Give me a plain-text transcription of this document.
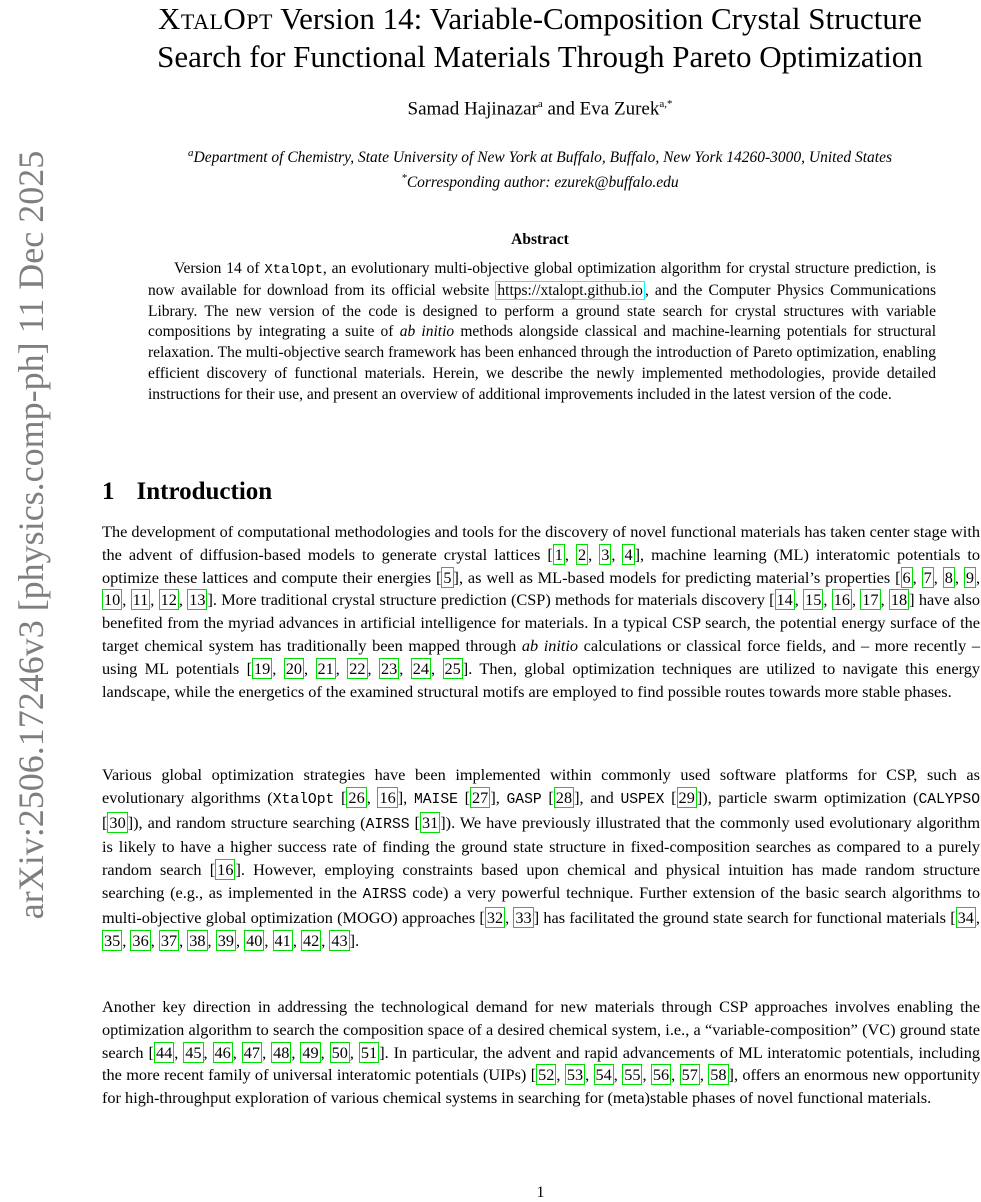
arXiv:2506.17246v3 [physics.comp-ph] 11 Dec 2025
XtalOpt Version 14: Variable-Composition Crystal Structure
Search for Functional Materials Through Pareto Optimization

Samad Hajinazar$^a$ and Eva Zurek$^{a,*}$

$^a$Department of Chemistry, State University of New York at Buffalo, Buffalo, New York 14260-3000, United States
*Corresponding author: ezurek@buffalo.edu

Abstract

Version 14 of XtalOpt, an evolutionary multi-objective global optimization algorithm for crystal structure prediction, is now available for download from its official website https://xtalopt.github.io , and the Computer Physics Communications Library. The new version of the code is designed to perform a ground state search for crystal structures with variable compositions by integrating a suite of ab initio methods alongside classical and machine-learning potentials for structural relaxation. The multi-objective search framework has been enhanced through the introduction of Pareto optimization, enabling efficient discovery of functional materials. Herein, we describe the newly implemented methodologies, provide detailed instructions for their use, and present an overview of additional improvements included in the latest version of the code.

1 Introduction

The development of computational methodologies and tools for the discovery of novel functional materials has taken center stage with the advent of diffusion-based models to generate crystal lattices [ 1 , 2 , 3 , 4 ], machine learning (ML) interatomic potentials to optimize these lattices and compute their energies [ 5 ], as well as ML-based models for predicting material’s properties [ 6 , 7 , 8 , 9 , 10 , 11 , 12 , 13 ]. More traditional crystal structure prediction (CSP) methods for materials discovery [ 14 , 15 , 16 , 17 , 18 ] have also benefited from the myriad advances in artificial intelligence for materials. In a typical CSP search, the potential energy surface of the target chemical system has traditionally been mapped through ab initio calculations or classical force fields, and – more recently – using ML potentials [ 19 , 20 , 21 , 22 , 23 , 24 , 25 ]. Then, global optimization techniques are utilized to navigate this energy landscape, while the energetics of the examined structural motifs are employed to find possible routes towards more stable phases.

Various global optimization strategies have been implemented within commonly used software platforms for CSP, such as evolutionary algorithms (XtalOpt [ 26 , 16 ], MAISE [ 27 ], GASP [ 28 ], and USPEX [ 29 ]), particle swarm optimization (CALYPSO [ 30 ]), and random structure searching (AIRSS [ 31 ]). We have previously illustrated that the commonly used evolutionary algorithm is likely to have a higher success rate of finding the ground state structure in fixed-composition searches as compared to a purely random search [ 16 ]. However, employing constraints based upon chemical and physical intuition has made random structure searching (e.g., as implemented in the AIRSS code) a very powerful technique. Further extension of the basic search algorithms to multi-objective global optimization (MOGO) approaches [ 32 , 33 ] has facilitated the ground state search for functional materials [ 34 , 35 , 36 , 37 , 38 , 39 , 40 , 41 , 42 , 43 ].

Another key direction in addressing the technological demand for new materials through CSP approaches involves enabling the optimization algorithm to search the composition space of a desired chemical system, i.e., a “variable-composition” (VC) ground state search [ 44 , 45 , 46 , 47 , 48 , 49 , 50 , 51 ]. In particular, the advent and rapid advancements of ML interatomic potentials, including the more recent family of universal interatomic potentials (UIPs) [ 52 , 53 , 54 , 55 , 56 , 57 , 58 ], offers an enormous new opportunity for high-throughput exploration of various chemical systems in searching for (meta)stable phases of novel functional materials.

1
